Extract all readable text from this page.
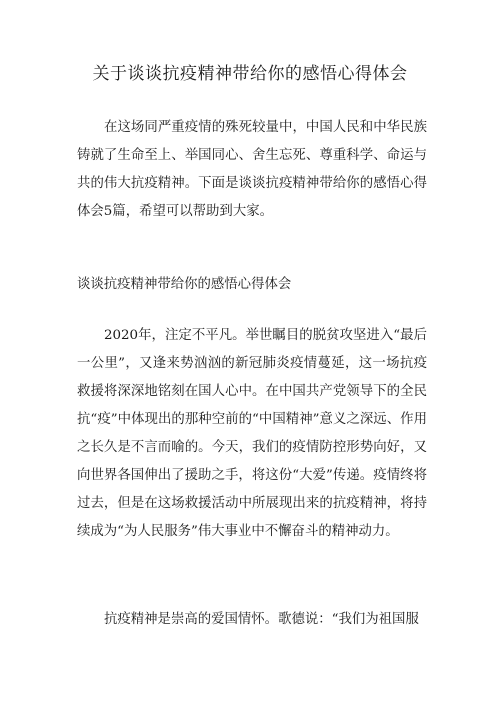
关于谈谈抗疫精神带给你的感悟心得体会

在这场同严重疫情的殊死较量中，中国人民和中华民族铸就了生命至上、举国同心、舍生忘死、尊重科学、命运与共的伟大抗疫精神。下面是谈谈抗疫精神带给你的感悟心得体会5篇，希望可以帮助到大家。

谈谈抗疫精神带给你的感悟心得体会

2020年，注定不平凡。举世瞩目的脱贫攻坚进入“最后一公里”，又逢来势汹汹的新冠肺炎疫情蔓延，这一场抗疫救援将深深地铭刻在国人心中。在中国共产党领导下的全民抗“疫”中体现出的那种空前的“中国精神”意义之深远、作用之长久是不言而喻的。今天，我们的疫情防控形势向好，又向世界各国伸出了援助之手，将这份“大爱”传递。疫情终将过去，但是在这场救援活动中所展现出来的抗疫精神，将持续成为“为人民服务”伟大事业中不懈奋斗的精神动力。

抗疫精神是崇高的爱国情怀。歌德说：“我们为祖国服
